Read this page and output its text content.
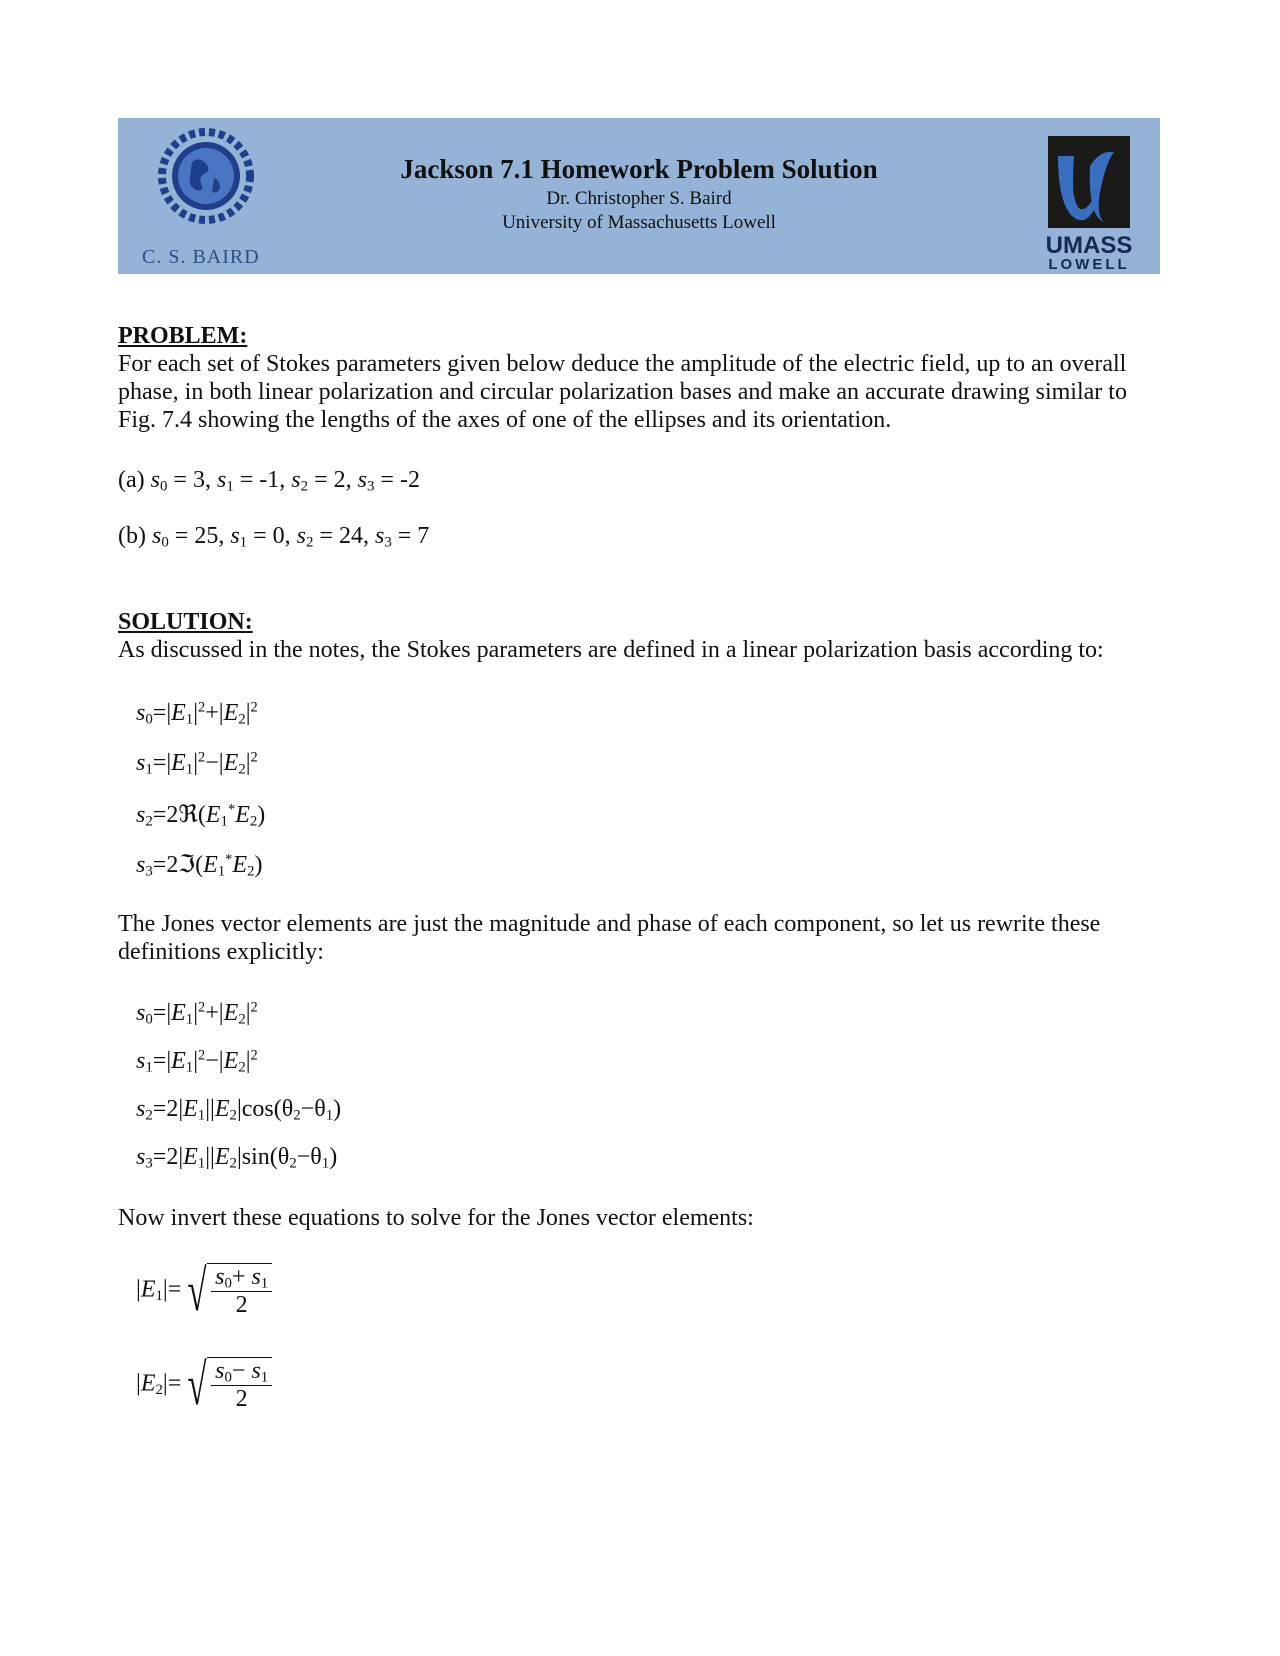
C. S. BAIRD
Jackson 7.1 Homework Problem Solution
Dr. Christopher S. Baird
University of Massachusetts Lowell
UMASS
LOWELL
PROBLEM:
For each set of Stokes parameters given below deduce the amplitude of the electric field, up to an overall phase, in both linear polarization and circular polarization bases and make an accurate drawing similar to Fig. 7.4 showing the lengths of the axes of one of the ellipses and its orientation.
(a) $s_0 = 3$, $s_1 = -1$, $s_2 = 2$, $s_3 = -2$
(b) $s_0 = 25$, $s_1 = 0$, $s_2 = 24$, $s_3 = 7$
SOLUTION:
As discussed in the notes, the Stokes parameters are defined in a linear polarization basis according to:
$s_0=|E_1|^2+|E_2|^2$
$s_1=|E_1|^2-|E_2|^2$
$s_2=2ℜ(E_1^*E_2)$
$s_3=2ℑ(E_1^*E_2)$
The Jones vector elements are just the magnitude and phase of each component, so let us rewrite these definitions explicitly:
$s_0=|E_1|^2+|E_2|^2$
$s_1=|E_1|^2-|E_2|^2$
$s_2=2|E_1||E_2|\cos(\theta_2-\theta_1)$
$s_3=2|E_1||E_2|\sin(\theta_2-\theta_1)$
Now invert these equations to solve for the Jones vector elements:
$|E_1|=$ √ $\frac{s_0+ s_1}{2}$
$|E_2|=$ √ $\frac{s_0- s_1}{2}$
